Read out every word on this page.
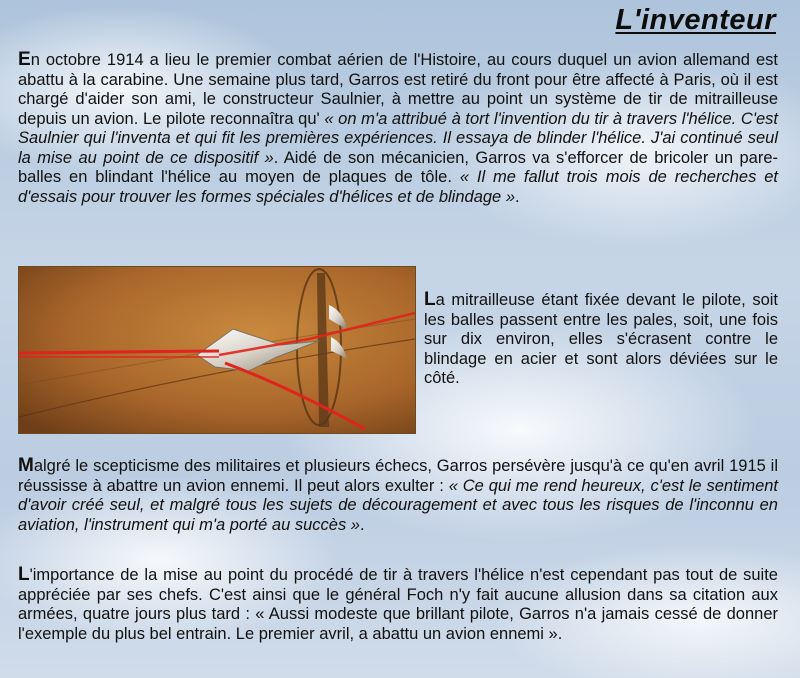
L'inventeur
En octobre 1914 a lieu le premier combat aérien de l'Histoire, au cours duquel un avion allemand est abattu à la carabine. Une semaine plus tard, Garros est retiré du front pour être affecté à Paris, où il est chargé d'aider son ami, le constructeur Saulnier, à mettre au point un système de tir de mitrailleuse depuis un avion. Le pilote reconnaîtra qu' « on m'a attribué à tort l'invention du tir à travers l'hélice. C'est Saulnier qui l'inventa et qui fit les premières expériences. Il essaya de blinder l'hélice. J'ai continué seul la mise au point de ce dispositif ». Aidé de son mécanicien, Garros va s'efforcer de bricoler un pare-balles en blindant l'hélice au moyen de plaques de tôle. « Il me fallut trois mois de recherches et d'essais pour trouver les formes spéciales d'hélices et de blindage ».
La mitrailleuse étant fixée devant le pilote, soit les balles passent entre les pales, soit, une fois sur dix environ, elles s'écrasent contre le blindage en acier et sont alors déviées sur le côté.
Malgré le scepticisme des militaires et plusieurs échecs, Garros persévère jusqu'à ce qu'en avril 1915 il réussisse à abattre un avion ennemi. Il peut alors exulter : « Ce qui me rend heureux, c'est le sentiment d'avoir créé seul, et malgré tous les sujets de découragement et avec tous les risques de l'inconnu en aviation, l'instrument qui m'a porté au succès ».
L'importance de la mise au point du procédé de tir à travers l'hélice n'est cependant pas tout de suite appréciée par ses chefs. C'est ainsi que le général Foch n'y fait aucune allusion dans sa citation aux armées, quatre jours plus tard : « Aussi modeste que brillant pilote, Garros n'a jamais cessé de donner l'exemple du plus bel entrain. Le premier avril, a abattu un avion ennemi ».
